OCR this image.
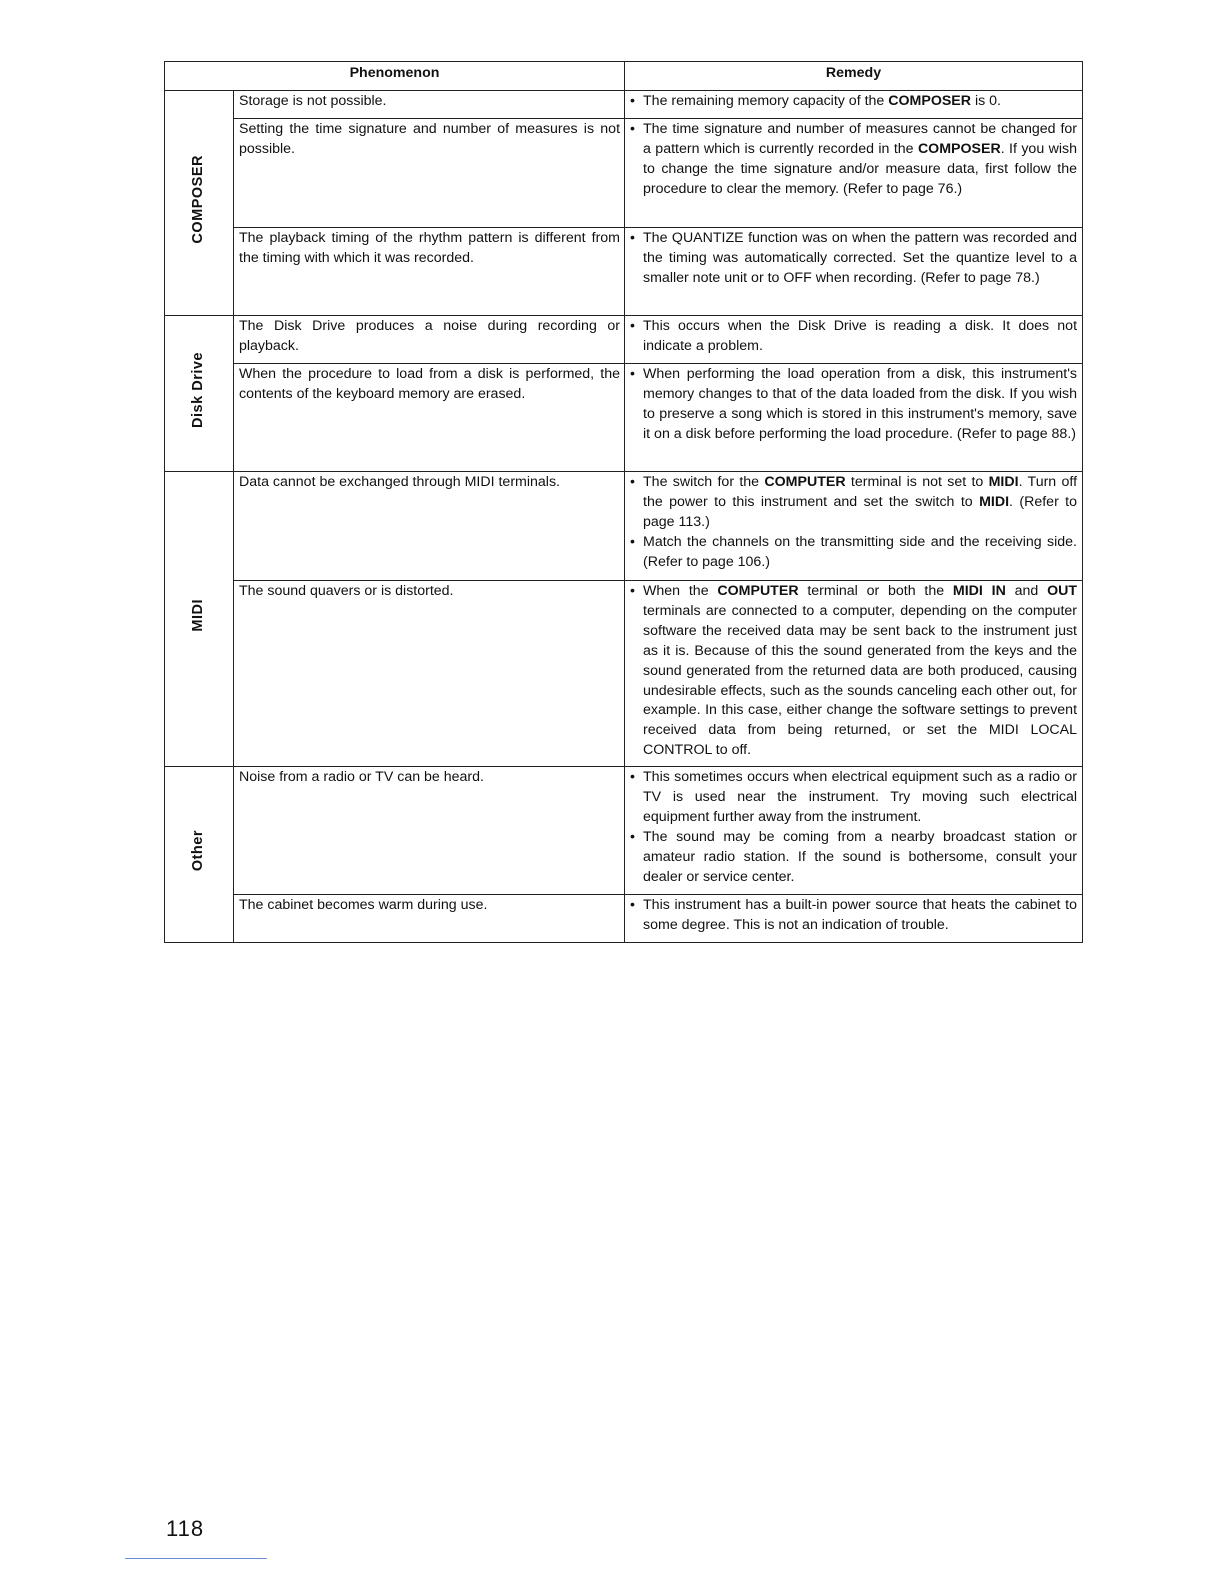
Phenomenon		Remedy
COMPOSER	Storage is not possible.	• The remaining memory capacity of the COMPOSER is 0.

	Setting the time signature and number of measures is not possible.	• The time signature and number of measures cannot be changed for a pattern which is currently recorded in the COMPOSER. If you wish to change the time signature and/or measure data, first follow the procedure to clear the memory. (Refer to page 76.)

	The playback timing of the rhythm pattern is different from the timing with which it was recorded.	• The QUANTIZE function was on when the pattern was recorded and the timing was automatically corrected. Set the quantize level to a smaller note unit or to OFF when recording. (Refer to page 78.)

Disk Drive	The Disk Drive produces a noise during recording or playback.	• This occurs when the Disk Drive is reading a disk. It does not indicate a problem.

	When the procedure to load from a disk is performed, the contents of the keyboard memory are erased.	• When performing the load operation from a disk, this instrument's memory changes to that of the data loaded from the disk. If you wish to preserve a song which is stored in this instrument's memory, save it on a disk before performing the load procedure. (Refer to page 88.)

MIDI	Data cannot be exchanged through MIDI terminals.	• The switch for the COMPUTER terminal is not set to MIDI. Turn off the power to this instrument and set the switch to MIDI. (Refer to page 113.)
• Match the channels on the transmitting side and the receiving side. (Refer to page 106.)

	The sound quavers or is distorted.	• When the COMPUTER terminal or both the MIDI IN and OUT terminals are connected to a computer, depending on the computer software the received data may be sent back to the instrument just as it is. Because of this the sound generated from the keys and the sound generated from the returned data are both produced, causing undesirable effects, such as the sounds canceling each other out, for example. In this case, either change the software settings to prevent received data from being returned, or set the MIDI LOCAL CONTROL to off.

Other	Noise from a radio or TV can be heard.	• This sometimes occurs when electrical equipment such as a radio or TV is used near the instrument. Try moving such electrical equipment further away from the instrument.
• The sound may be coming from a nearby broadcast station or amateur radio station. If the sound is bothersome, consult your dealer or service center.

	The cabinet becomes warm during use.	• This instrument has a built-in power source that heats the cabinet to some degree. This is not an indication of trouble.
118
